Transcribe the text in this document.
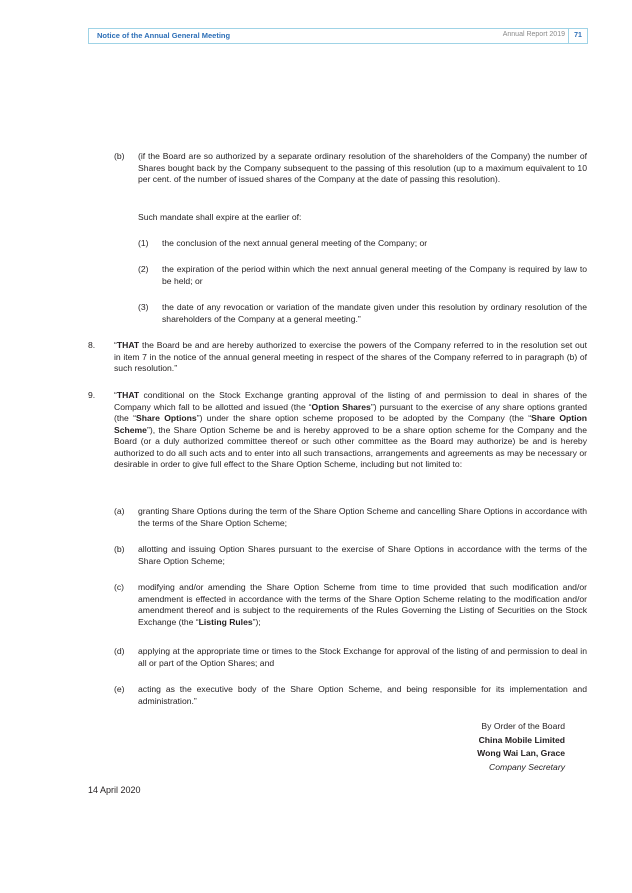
Notice of the Annual General Meeting	Annual Report 2019	71
(b) (if the Board are so authorized by a separate ordinary resolution of the shareholders of the Company) the number of Shares bought back by the Company subsequent to the passing of this resolution (up to a maximum equivalent to 10 per cent. of the number of issued shares of the Company at the date of passing this resolution).

Such mandate shall expire at the earlier of:

(1) the conclusion of the next annual general meeting of the Company; or

(2) the expiration of the period within which the next annual general meeting of the Company is required by law to be held; or

(3) the date of any revocation or variation of the mandate given under this resolution by ordinary resolution of the shareholders of the Company at a general meeting.”

8. “THAT the Board be and are hereby authorized to exercise the powers of the Company referred to in the resolution set out in item 7 in the notice of the annual general meeting in respect of the shares of the Company referred to in paragraph (b) of such resolution.”

9. “THAT conditional on the Stock Exchange granting approval of the listing of and permission to deal in shares of the Company which fall to be allotted and issued (the “Option Shares”) pursuant to the exercise of any share options granted (the “Share Options”) under the share option scheme proposed to be adopted by the Company (the “Share Option Scheme”), the Share Option Scheme be and is hereby approved to be a share option scheme for the Company and the Board (or a duly authorized committee thereof or such other committee as the Board may authorize) be and is hereby authorized to do all such acts and to enter into all such transactions, arrangements and agreements as may be necessary or desirable in order to give full effect to the Share Option Scheme, including but not limited to:

(a) granting Share Options during the term of the Share Option Scheme and cancelling Share Options in accordance with the terms of the Share Option Scheme;

(b) allotting and issuing Option Shares pursuant to the exercise of Share Options in accordance with the terms of the Share Option Scheme;

(c) modifying and/or amending the Share Option Scheme from time to time provided that such modification and/or amendment is effected in accordance with the terms of the Share Option Scheme relating to the modification and/or amendment thereof and is subject to the requirements of the Rules Governing the Listing of Securities on the Stock Exchange (the “Listing Rules”);

(d) applying at the appropriate time or times to the Stock Exchange for approval of the listing of and permission to deal in all or part of the Option Shares; and

(e) acting as the executive body of the Share Option Scheme, and being responsible for its implementation and administration.”

By Order of the Board
China Mobile Limited
Wong Wai Lan, Grace
Company Secretary
14 April 2020
